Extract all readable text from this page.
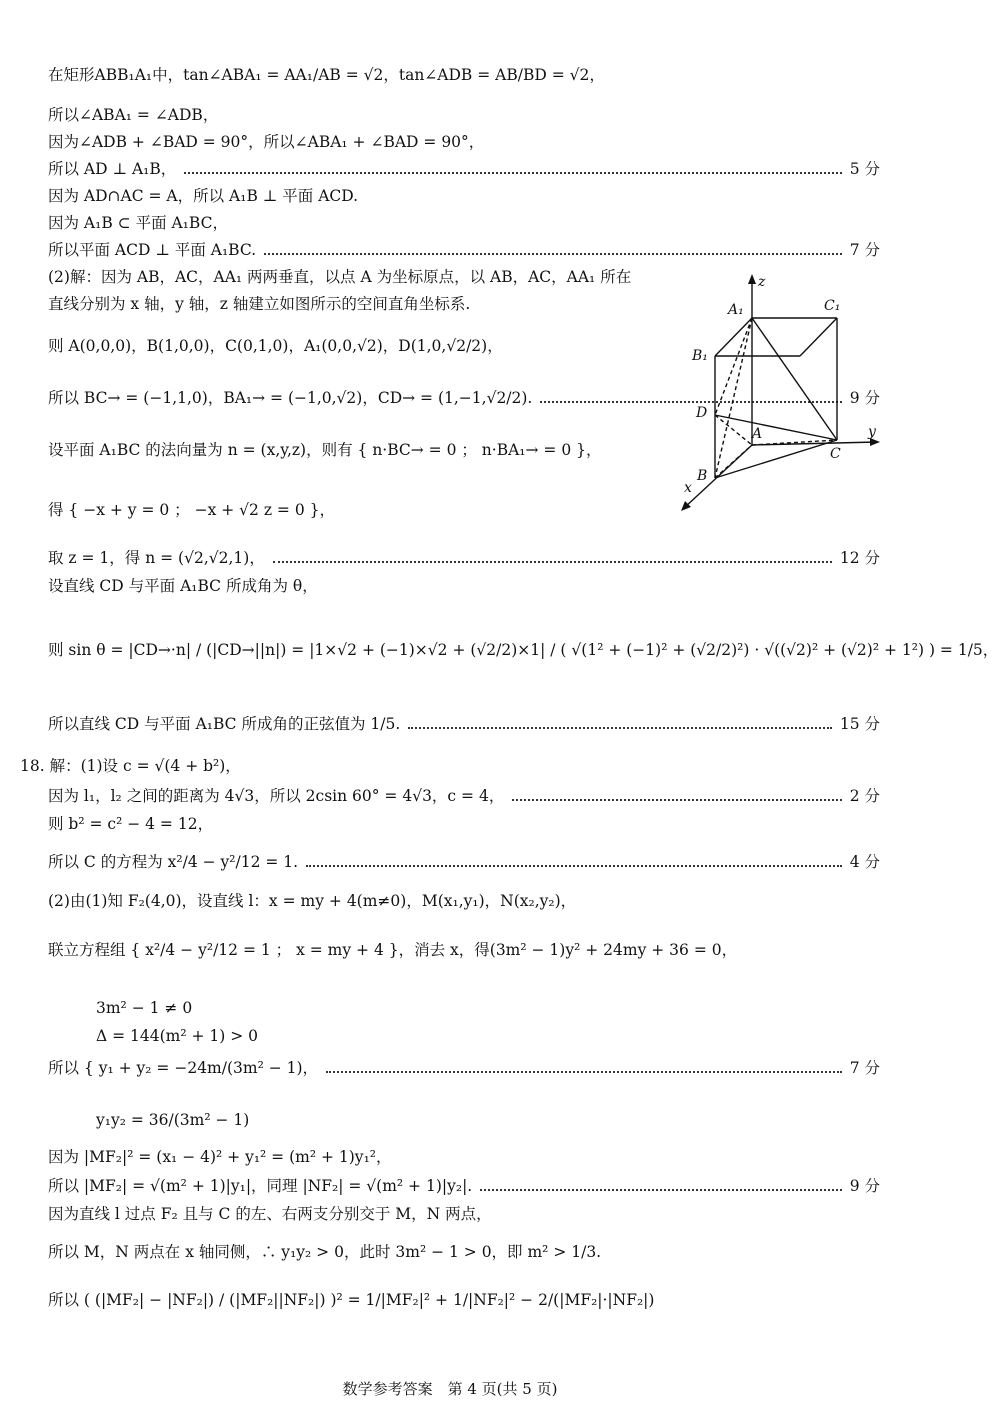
在矩形ABB₁A₁中，tan∠ABA₁ = AA₁/AB = √2，tan∠ADB = AB/BD = √2，
所以∠ABA₁ = ∠ADB，
因为∠ADB + ∠BAD = 90°，所以∠ABA₁ + ∠BAD = 90°，
所以 AD ⊥ A₁B，	5 分
因为 AD∩AC = A，所以 A₁B ⊥ 平面 ACD.
因为 A₁B ⊂ 平面 A₁BC，
所以平面 ACD ⊥ 平面 A₁BC.	7 分
(2)解：因为 AB，AC，AA₁ 两两垂直，以点 A 为坐标原点，以 AB，AC，AA₁ 所在
直线分别为 x 轴，y 轴，z 轴建立如图所示的空间直角坐标系.
则 A(0,0,0)，B(1,0,0)，C(0,1,0)，A₁(0,0,√2)，D(1,0,√2/2)，
所以 BC→ = (−1,1,0)，BA₁→ = (−1,0,√2)，CD→ = (1,−1,√2/2).	9 分
设平面 A₁BC 的法向量为 n = (x,y,z)，则有 { n·BC→ = 0 ； n·BA₁→ = 0 }，
得 { −x + y = 0 ； −x + √2 z = 0 }，
取 z = 1，得 n = (√2,√2,1)，	12 分
设直线 CD 与平面 A₁BC 所成角为 θ，
则 sin θ = |CD→·n| / (|CD→||n|) = |1×√2 + (−1)×√2 + (√2/2)×1| / ( √(1² + (−1)² + (√2/2)²) · √((√2)² + (√2)² + 1²) ) = 1/5，
所以直线 CD 与平面 A₁BC 所成角的正弦值为 1/5.	15 分
18. 解：(1)设 c = √(4 + b²)，
因为 l₁，l₂ 之间的距离为 4√3，所以 2csin 60° = 4√3，c = 4，	2 分
则 b² = c² − 4 = 12，
所以 C 的方程为 x²/4 − y²/12 = 1.	4 分
(2)由(1)知 F₂(4,0)，设直线 l：x = my + 4(m≠0)，M(x₁,y₁)，N(x₂,y₂)，
联立方程组 { x²/4 − y²/12 = 1 ； x = my + 4 }，消去 x，得(3m² − 1)y² + 24my + 36 = 0，
3m² − 1 ≠ 0
Δ = 144(m² + 1) > 0
所以 { y₁ + y₂ = −24m/(3m² − 1)，	7 分
y₁y₂ = 36/(3m² − 1)
因为 |MF₂|² = (x₁ − 4)² + y₁² = (m² + 1)y₁²，
所以 |MF₂| = √(m² + 1)|y₁|，同理 |NF₂| = √(m² + 1)|y₂|.	9 分
因为直线 l 过点 F₂ 且与 C 的左、右两支分别交于 M，N 两点，
所以 M，N 两点在 x 轴同侧，∴ y₁y₂ > 0，此时 3m² − 1 > 0，即 m² > 1/3.
所以 ( (|MF₂| − |NF₂|) / (|MF₂||NF₂|) )² = 1/|MF₂|² + 1/|NF₂|² − 2/(|MF₂|·|NF₂|)
z
A₁	C₁
B₁
D
A
C
B
x
y
数学参考答案　第 4 页(共 5 页)
